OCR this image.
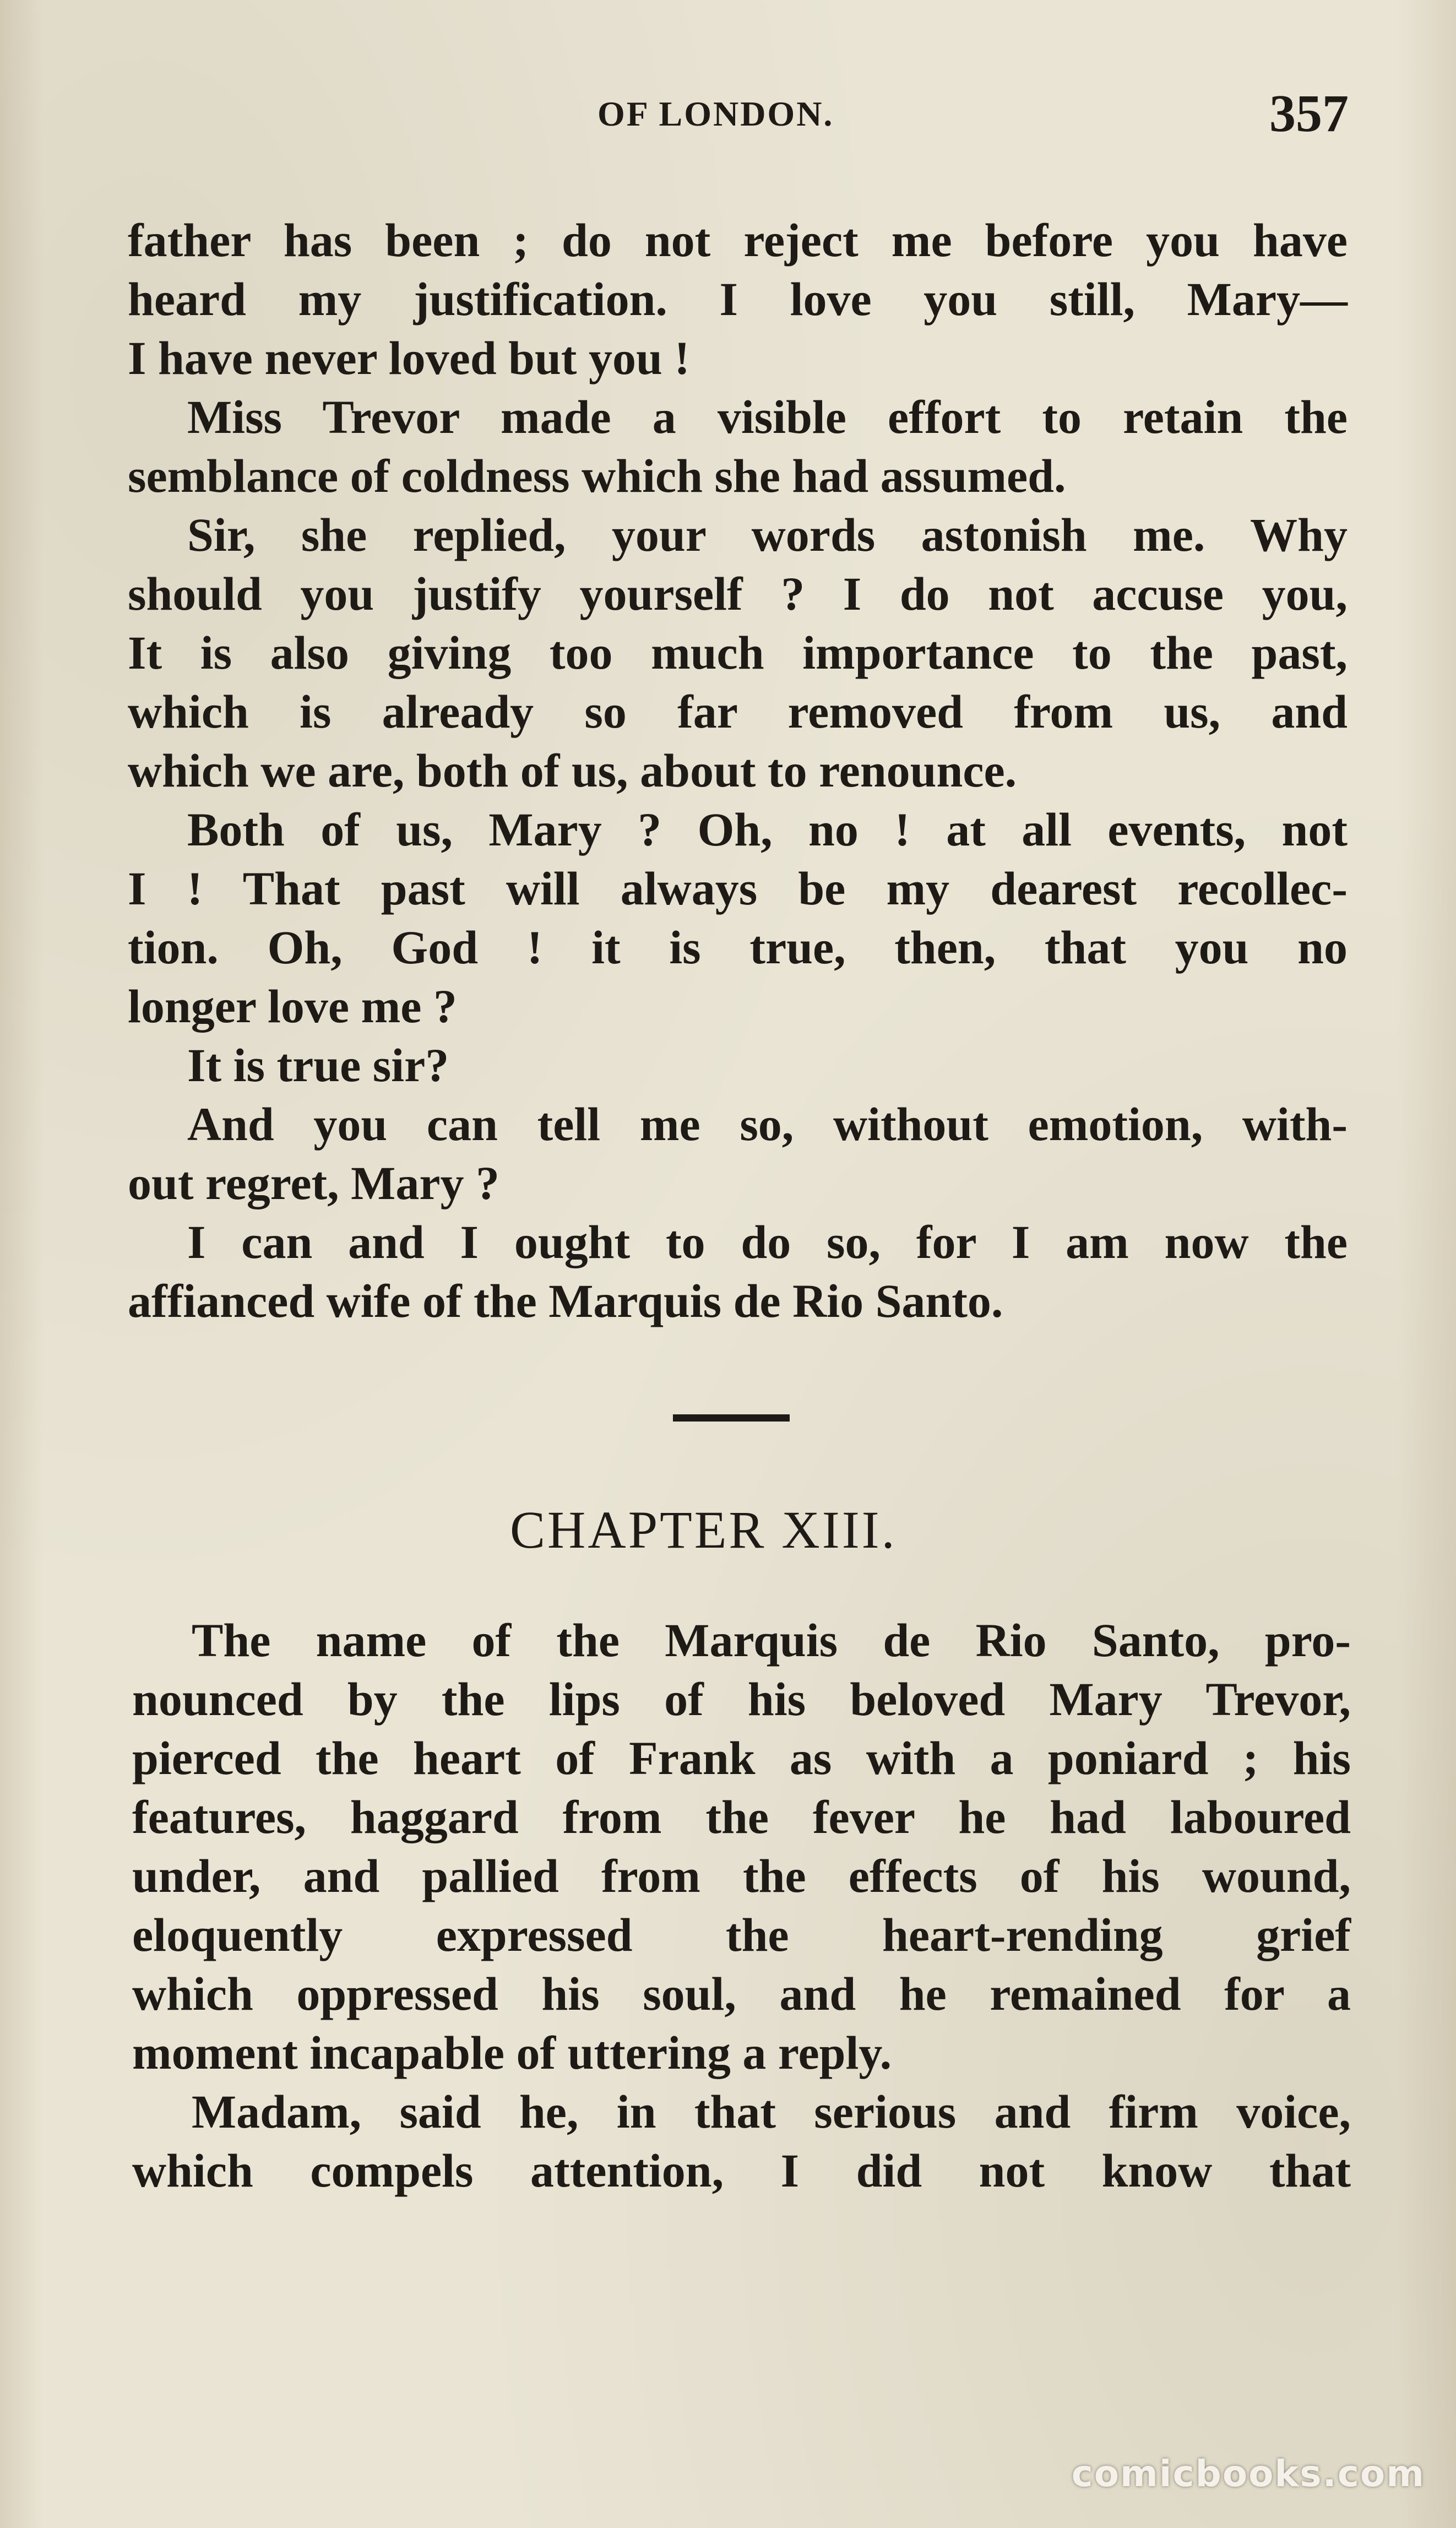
OF LONDON.	357
father has been ; do not reject me before you have
heard my justification. I love you still, Mary—
I have never loved but you !
Miss Trevor made a visible effort to retain the
semblance of coldness which she had assumed.
Sir, she replied, your words astonish me. Why
should you justify yourself ? I do not accuse you,
It is also giving too much importance to the past,
which is already so far removed from us, and
which we are, both of us, about to renounce.
Both of us, Mary ? Oh, no ! at all events, not
I ! That past will always be my dearest recollec-
tion. Oh, God ! it is true, then, that you no
longer love me ?
It is true sir?
And you can tell me so, without emotion, with-
out regret, Mary ?
I can and I ought to do so, for I am now the
affianced wife of the Marquis de Rio Santo.
CHAPTER XIII.
The name of the Marquis de Rio Santo, pro-
nounced by the lips of his beloved Mary Trevor,
pierced the heart of Frank as with a poniard ; his
features, haggard from the fever he had laboured
under, and pallied from the effects of his wound,
eloquently expressed the heart-rending grief
which oppressed his soul, and he remained for a
moment incapable of uttering a reply.
Madam, said he, in that serious and firm voice,
which compels attention, I did not know that
comicbooks.com
